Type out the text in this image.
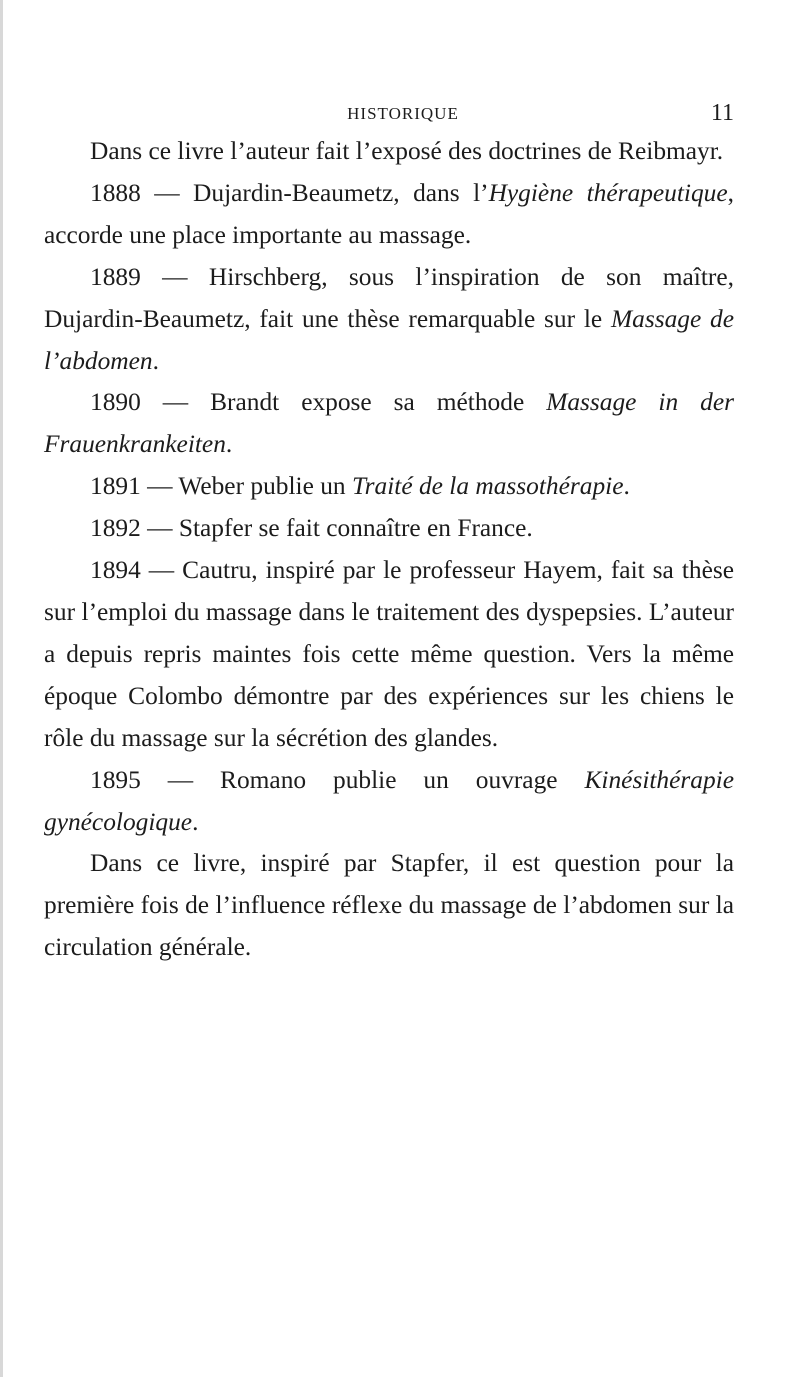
HISTORIQUE	11

Dans ce livre l’auteur fait l’exposé des doctrines de Reibmayr.

1888 — Dujardin-Beaumetz, dans l’Hygiène thérapeutique, accorde une place importante au massage.

1889 — Hirschberg, sous l’inspiration de son maître, Dujardin-Beaumetz, fait une thèse remarquable sur le Massage de l’abdomen.

1890 — Brandt expose sa méthode Massage in der Frauenkrankeiten.

1891 — Weber publie un Traité de la massothérapie.

1892 — Stapfer se fait connaître en France.

1894 — Cautru, inspiré par le professeur Hayem, fait sa thèse sur l’emploi du massage dans le traitement des dyspepsies. L’auteur a depuis repris maintes fois cette même question. Vers la même époque Colombo démontre par des expériences sur les chiens le rôle du massage sur la sécrétion des glandes.

1895 — Romano publie un ouvrage Kinésithérapie gynécologique.

Dans ce livre, inspiré par Stapfer, il est question pour la première fois de l’influence réflexe du massage de l’abdomen sur la circulation générale.
